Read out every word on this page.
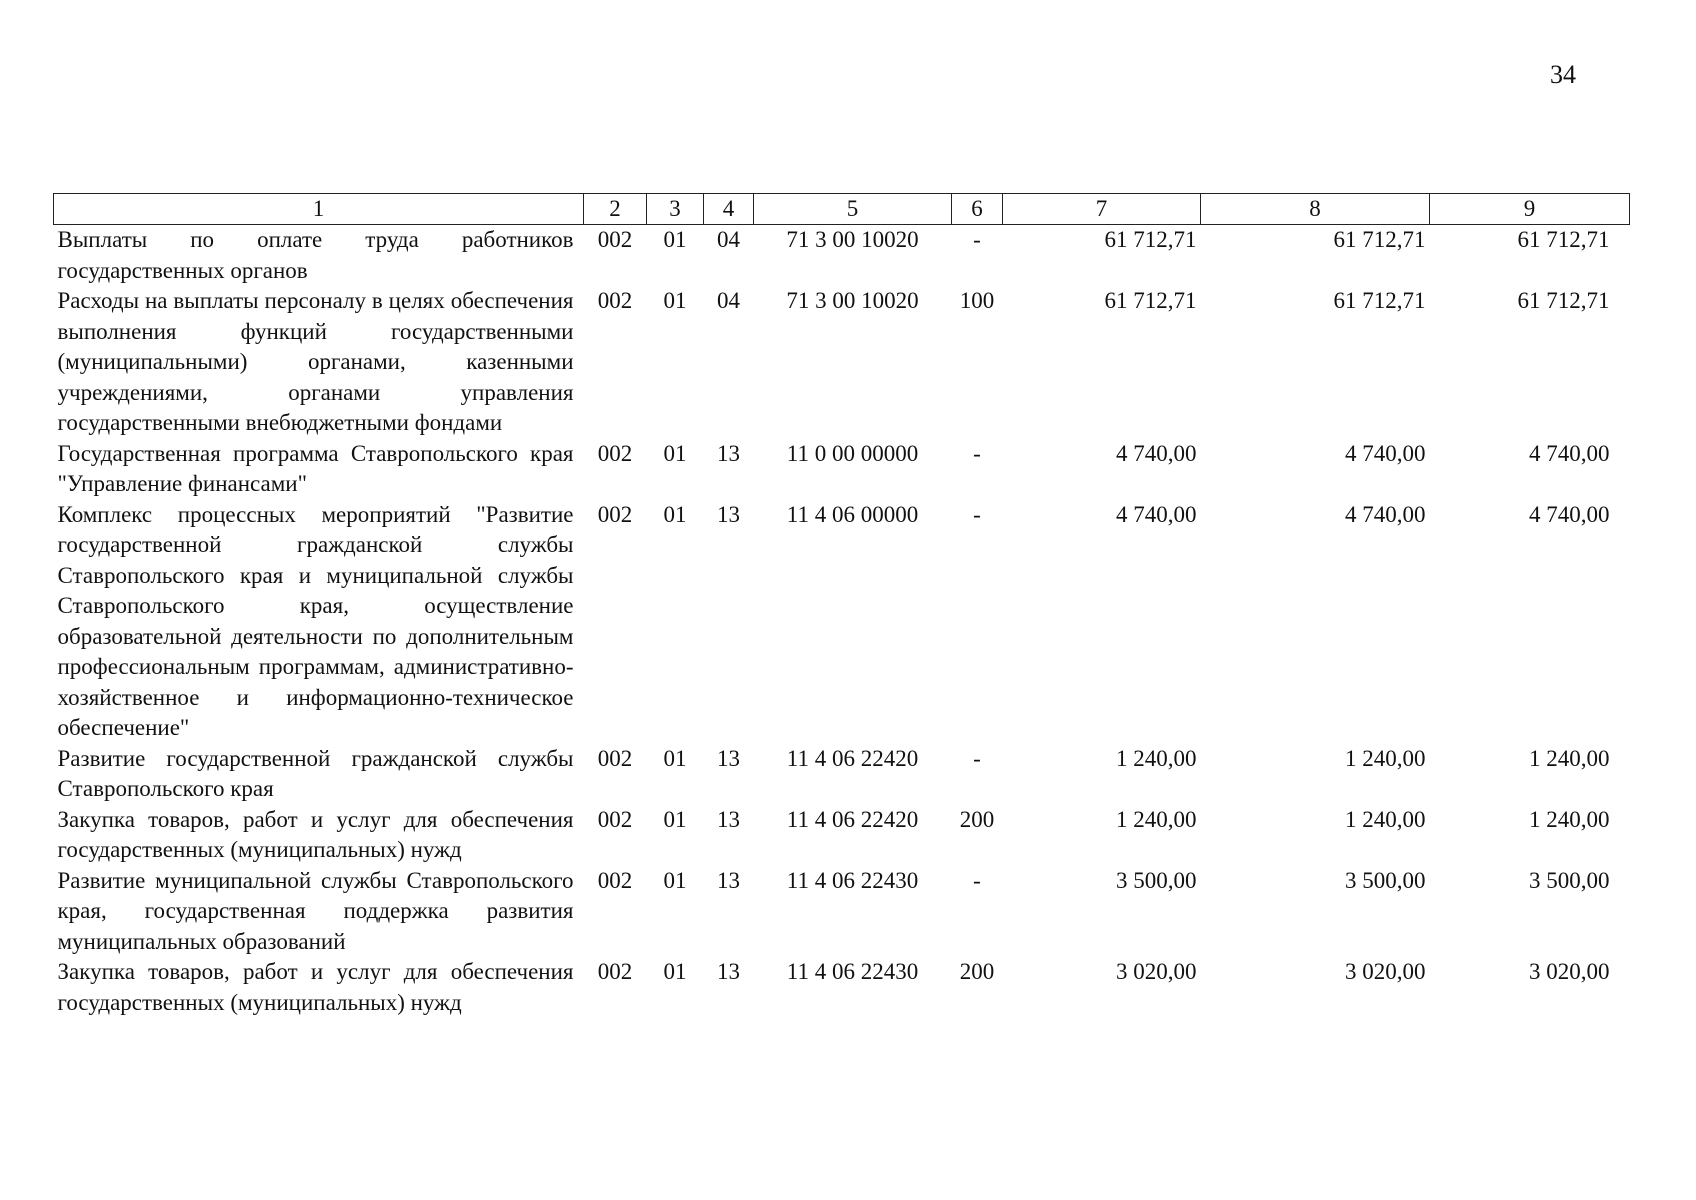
34
1	2	3	4	5	6	7	8	9
Выплаты по оплате труда работников государственных органов	002	01	04	71 3 00 10020	-	61 712,71	61 712,71	61 712,71
Расходы на выплаты персоналу в целях обеспечения выполнения функций государственными (муниципальными) органами, казенными учреждениями, органами управления государственными внебюджетными фондами	002	01	04	71 3 00 10020	100	61 712,71	61 712,71	61 712,71
Государственная программа Ставропольского края "Управление финансами"	002	01	13	11 0 00 00000	-	4 740,00	4 740,00	4 740,00
Комплекс процессных мероприятий "Развитие государственной гражданской службы Ставропольского края и муниципальной службы Ставропольского края, осуществление образовательной деятельности по дополнительным профессиональным программам, административно-хозяйственное и информационно-техническое обеспечение"	002	01	13	11 4 06 00000	-	4 740,00	4 740,00	4 740,00
Развитие государственной гражданской службы Ставропольского края	002	01	13	11 4 06 22420	-	1 240,00	1 240,00	1 240,00
Закупка товаров, работ и услуг для обеспечения государственных (муниципальных) нужд	002	01	13	11 4 06 22420	200	1 240,00	1 240,00	1 240,00
Развитие муниципальной службы Ставропольского края, государственная поддержка развития муниципальных образований	002	01	13	11 4 06 22430	-	3 500,00	3 500,00	3 500,00
Закупка товаров, работ и услуг для обеспечения государственных (муниципальных) нужд	002	01	13	11 4 06 22430	200	3 020,00	3 020,00	3 020,00
